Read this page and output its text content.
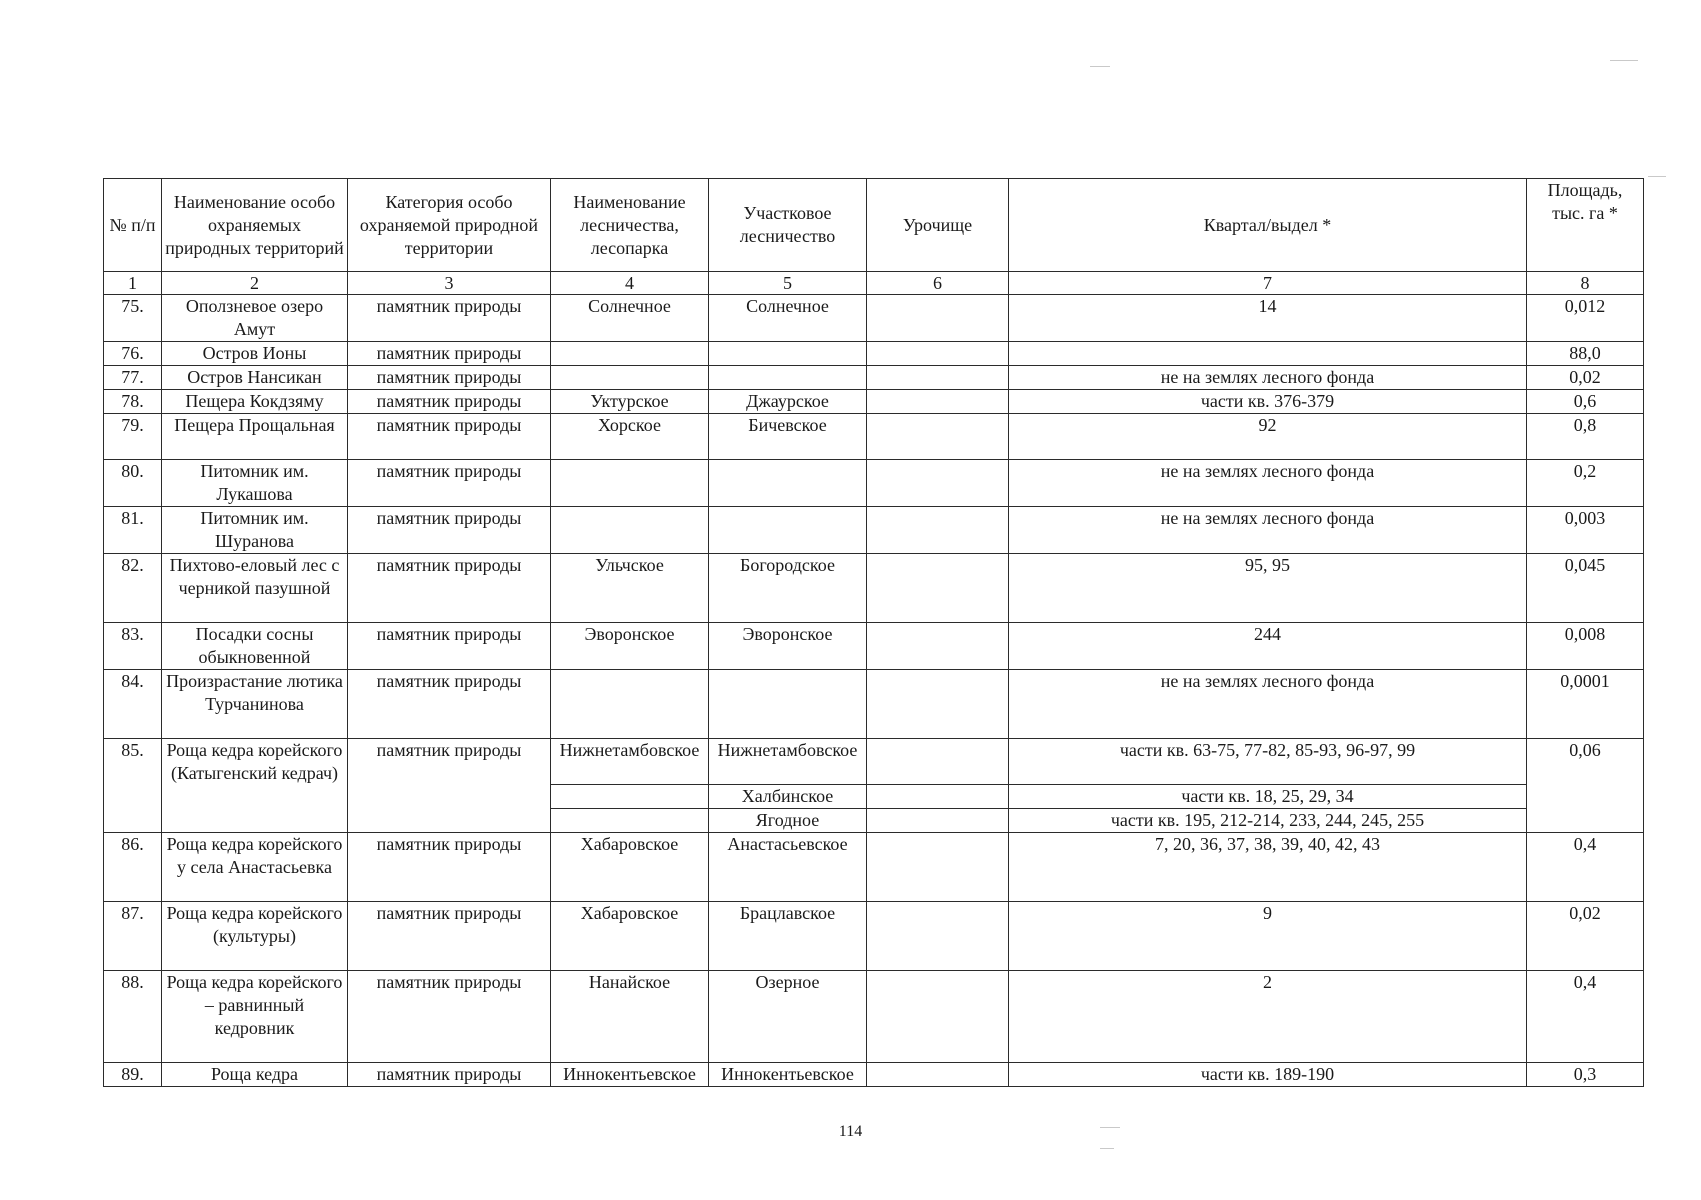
№ п/п	Наименование особо охраняемых природных территорий	Категория особо охраняемой природной территории	Наименование лесничества, лесопарка	Участковое лесничество	Урочище	Квартал/выдел *	Площадь, тыс. га *
1	2	3	4	5	6	7	8
75.	Оползневое озеро Амут	памятник природы	Солнечное	Солнечное		14	0,012
76.	Остров Ионы	памятник природы					88,0
77.	Остров Нансикан	памятник природы				не на землях лесного фонда	0,02
78.	Пещера Кокдзяму	памятник природы	Уктурское	Джаурское		части кв. 376-379	0,6
79.	Пещера Прощальная	памятник природы	Хорское	Бичевское		92	0,8
80.	Питомник им. Лукашова	памятник природы				не на землях лесного фонда	0,2
81.	Питомник им. Шуранова	памятник природы				не на землях лесного фонда	0,003
82.	Пихтово-еловый лес с черникой пазушной	памятник природы	Ульчское	Богородское		95, 95	0,045
83.	Посадки сосны обыкновенной	памятник природы	Эворонское	Эворонское		244	0,008
84.	Произрастание лютика Турчанинова	памятник природы				не на землях лесного фонда	0,0001
85.	Роща кедра корейского (Катыгенский кедрач)	памятник природы	Нижнетамбовское	Нижнетамбовское		части кв. 63-75, 77-82, 85-93, 96-97, 99	0,06
				Халбинское		части кв. 18, 25, 29, 34	
				Ягодное		части кв. 195, 212-214, 233, 244, 245, 255	
86.	Роща кедра корейского у села Анастасьевка	памятник природы	Хабаровское	Анастасьевское		7, 20, 36, 37, 38, 39, 40, 42, 43	0,4
87.	Роща кедра корейского (культуры)	памятник природы	Хабаровское	Брацлавское		9	0,02
88.	Роща кедра корейского – равнинный кедровник	памятник природы	Нанайское	Озерное		2	0,4
89.	Роща кедра	памятник природы	Иннокентьевское	Иннокентьевское		части кв. 189-190	0,3
114
